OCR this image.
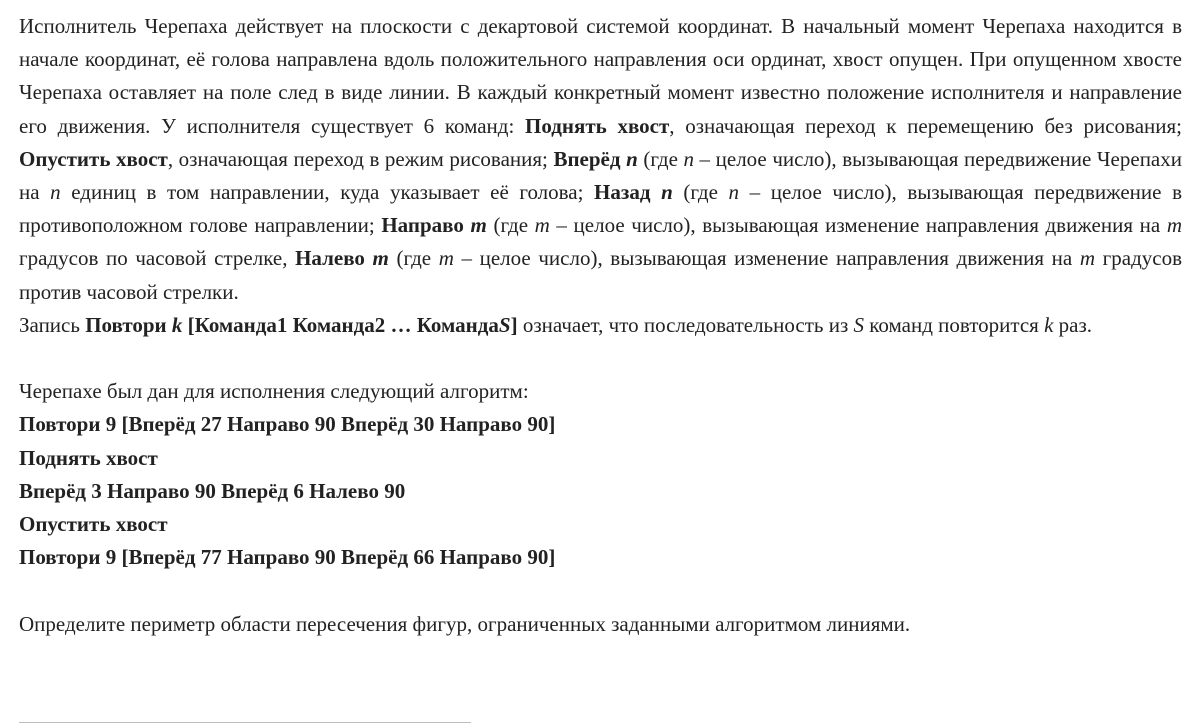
Исполнитель Черепаха действует на плоскости с декартовой системой координат. В начальный момент Черепаха находится в начале координат, её голова направлена вдоль положительного направления оси ординат, хвост опущен. При опущенном хвосте Черепаха оставляет на поле след в виде линии. В каждый конкретный момент известно положение исполнителя и направление его движения. У исполнителя существует 6 команд: Поднять хвост, означающая переход к перемещению без рисования; Опустить хвост, означающая переход в режим рисования; Вперёд n (где n – целое число), вызывающая передвижение Черепахи на n единиц в том направлении, куда указывает её голова; Назад n (где n – целое число), вызывающая передвижение в противоположном голове направлении; Направо m (где m – целое число), вызывающая изменение направления движения на m градусов по часовой стрелке, Налево m (где m – целое число), вызывающая изменение направления движения на m градусов против часовой стрелки.

Запись Повтори k [Команда1 Команда2 … КомандаS] означает, что последовательность из S команд повторится k раз.

Черепахе был дан для исполнения следующий алгоритм:

Повтори 9 [Вперёд 27 Направо 90 Вперёд 30 Направо 90]

Поднять хвост

Вперёд 3 Направо 90 Вперёд 6 Налево 90

Опустить хвост

Повтори 9 [Вперёд 77 Направо 90 Вперёд 66 Направо 90]

Определите периметр области пересечения фигур, ограниченных заданными алгоритмом линиями.
